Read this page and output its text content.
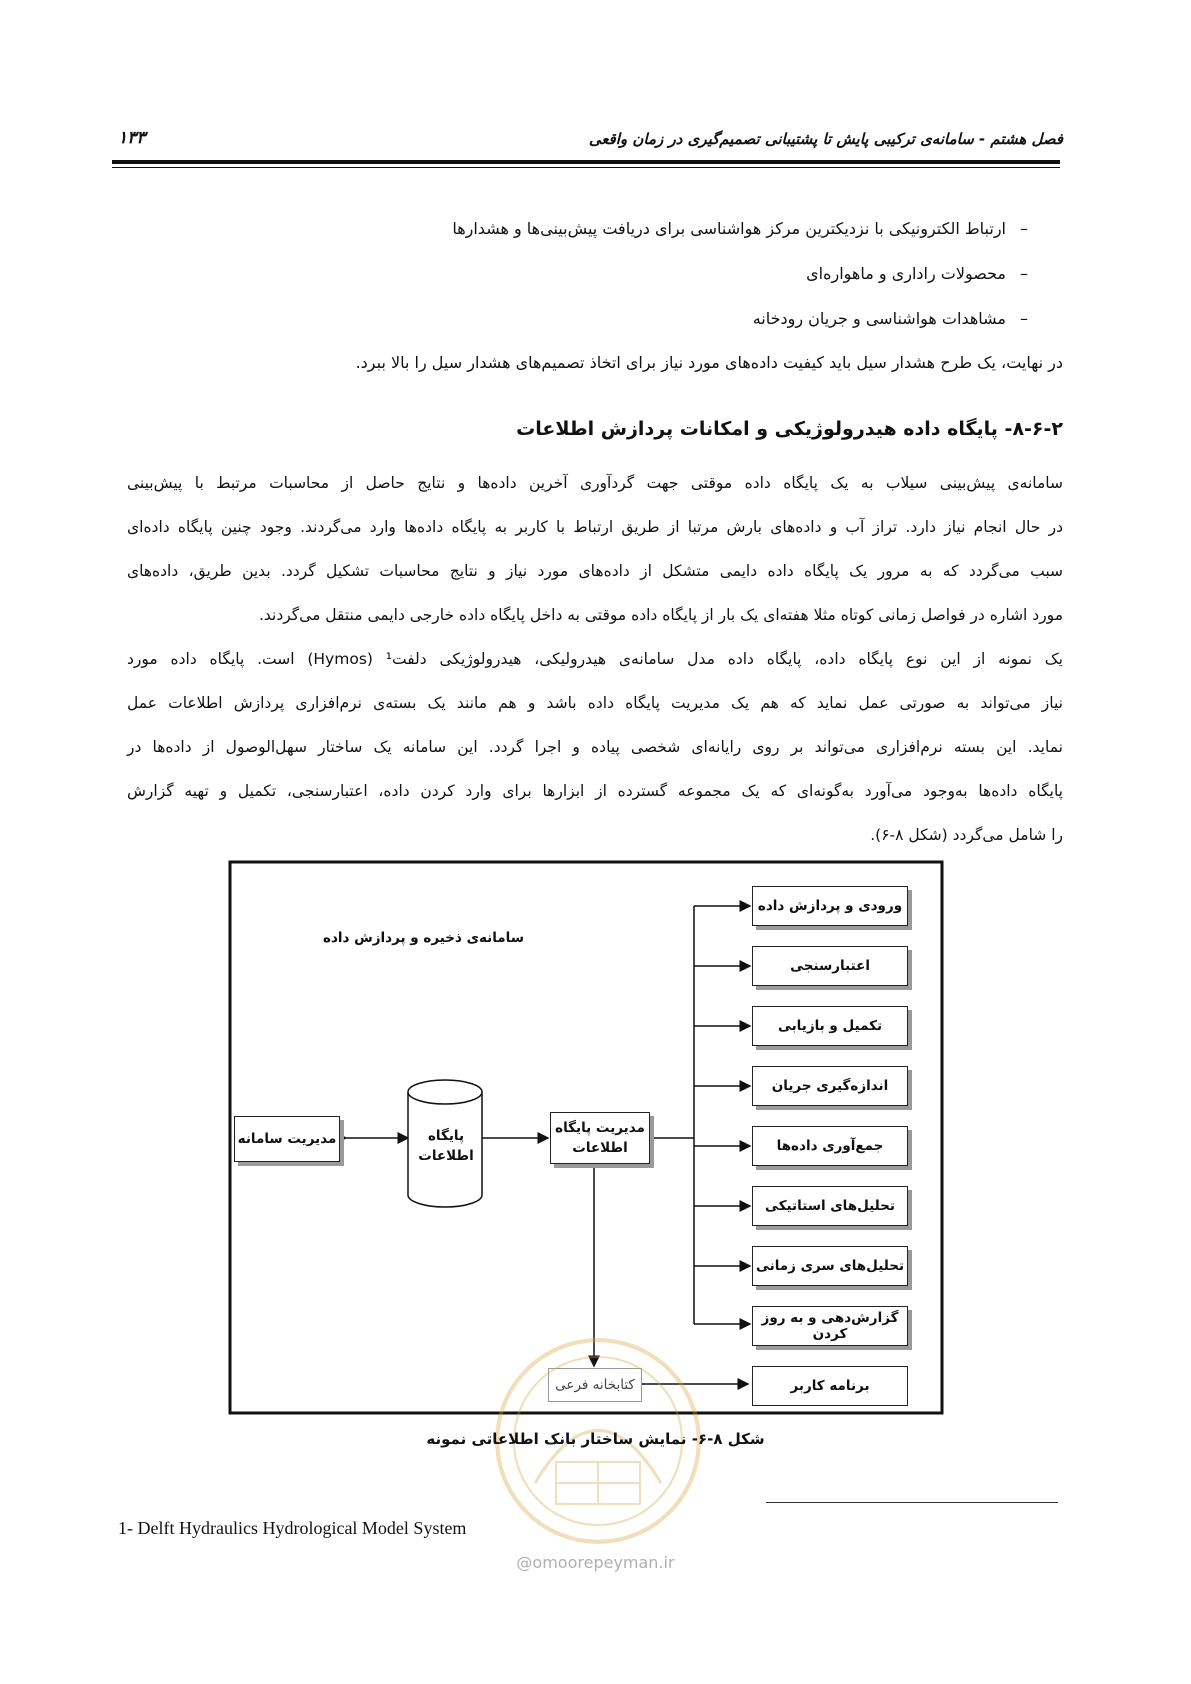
فصل هشتم - سامانه‌ی ترکیبی پایش تا پشتیبانی تصمیم‌گیری در زمان واقعی
۱۳۳
–ارتباط الکترونیکی با نزدیکترین مرکز هواشناسی برای دریافت پیش‌بینی‌ها و هشدارها
–محصولات راداری و ماهواره‌ای
–مشاهدات هواشناسی و جریان رودخانه
در نهایت، یک طرح هشدار سیل باید کیفیت داده‌های مورد نیاز برای اتخاذ تصمیم‌های هشدار سیل را بالا ببرد.
۸-۶-۲- پایگاه داده هیدرولوژیکی و امکانات پردازش اطلاعات
سامانه‌ی پیش‌بینی سیلاب به یک پایگاه داده موقتی جهت گردآوری آخرین داده‌ها و نتایج حاصل از محاسبات مرتبط با پیش‌بینی
در حال انجام نیاز دارد. تراز آب و داده‌های بارش مرتبا از طریق ارتباط با کاربر به پایگاه داده‌ها وارد می‌گردند. وجود چنین پایگاه داده‌ای
سبب می‌گردد که به مرور یک پایگاه داده دایمی متشکل از داده‌های مورد نیاز و نتایج محاسبات تشکیل گردد. بدین طریق، داده‌های
مورد اشاره در فواصل زمانی کوتاه مثلا هفته‌ای یک بار از پایگاه داده موقتی به داخل پایگاه داده خارجی دایمی منتقل می‌گردند.
یک نمونه از این نوع پایگاه داده، پایگاه داده مدل سامانه‌ی هیدرولیکی، هیدرولوژیکی دلفت¹ (Hymos) است. پایگاه داده مورد
نیاز می‌تواند به صورتی عمل نماید که هم یک مدیریت پایگاه داده باشد و هم مانند یک بسته‌ی نرم‌افزاری پردازش اطلاعات عمل
نماید. این بسته نرم‌افزاری می‌تواند بر روی رایانه‌ای شخصی پیاده و اجرا گردد. این سامانه یک ساختار سهل‌الوصول از داده‌ها در
پایگاه داده‌ها به‌وجود می‌آورد به‌گونه‌ای که یک مجموعه گسترده از ابزارها برای وارد کردن داده، اعتبارسنجی، تکمیل و تهیه گزارش
را شامل می‌گردد (شکل ۸-۶).
سامانه‌ی ذخیره و پردازش داده
مدیریت سامانه	پایگاه
اطلاعات
مدیریت پایگاه
اطلاعات
ورودی و پردازش داده
اعتبارسنجی
تکمیل و بازیابی
اندازه‌گیری جریان
جمع‌آوری داده‌ها
تحلیل‌های استاتیکی
تحلیل‌های سری زمانی
گزارش‌دهی و به روز کردن
کتابخانه فرعی	برنامه کاربر
شکل ۸-۶- نمایش ساختار بانک اطلاعاتی نمونه
1- Delft Hydraulics Hydrological Model System
@omoorepeyman.ir
